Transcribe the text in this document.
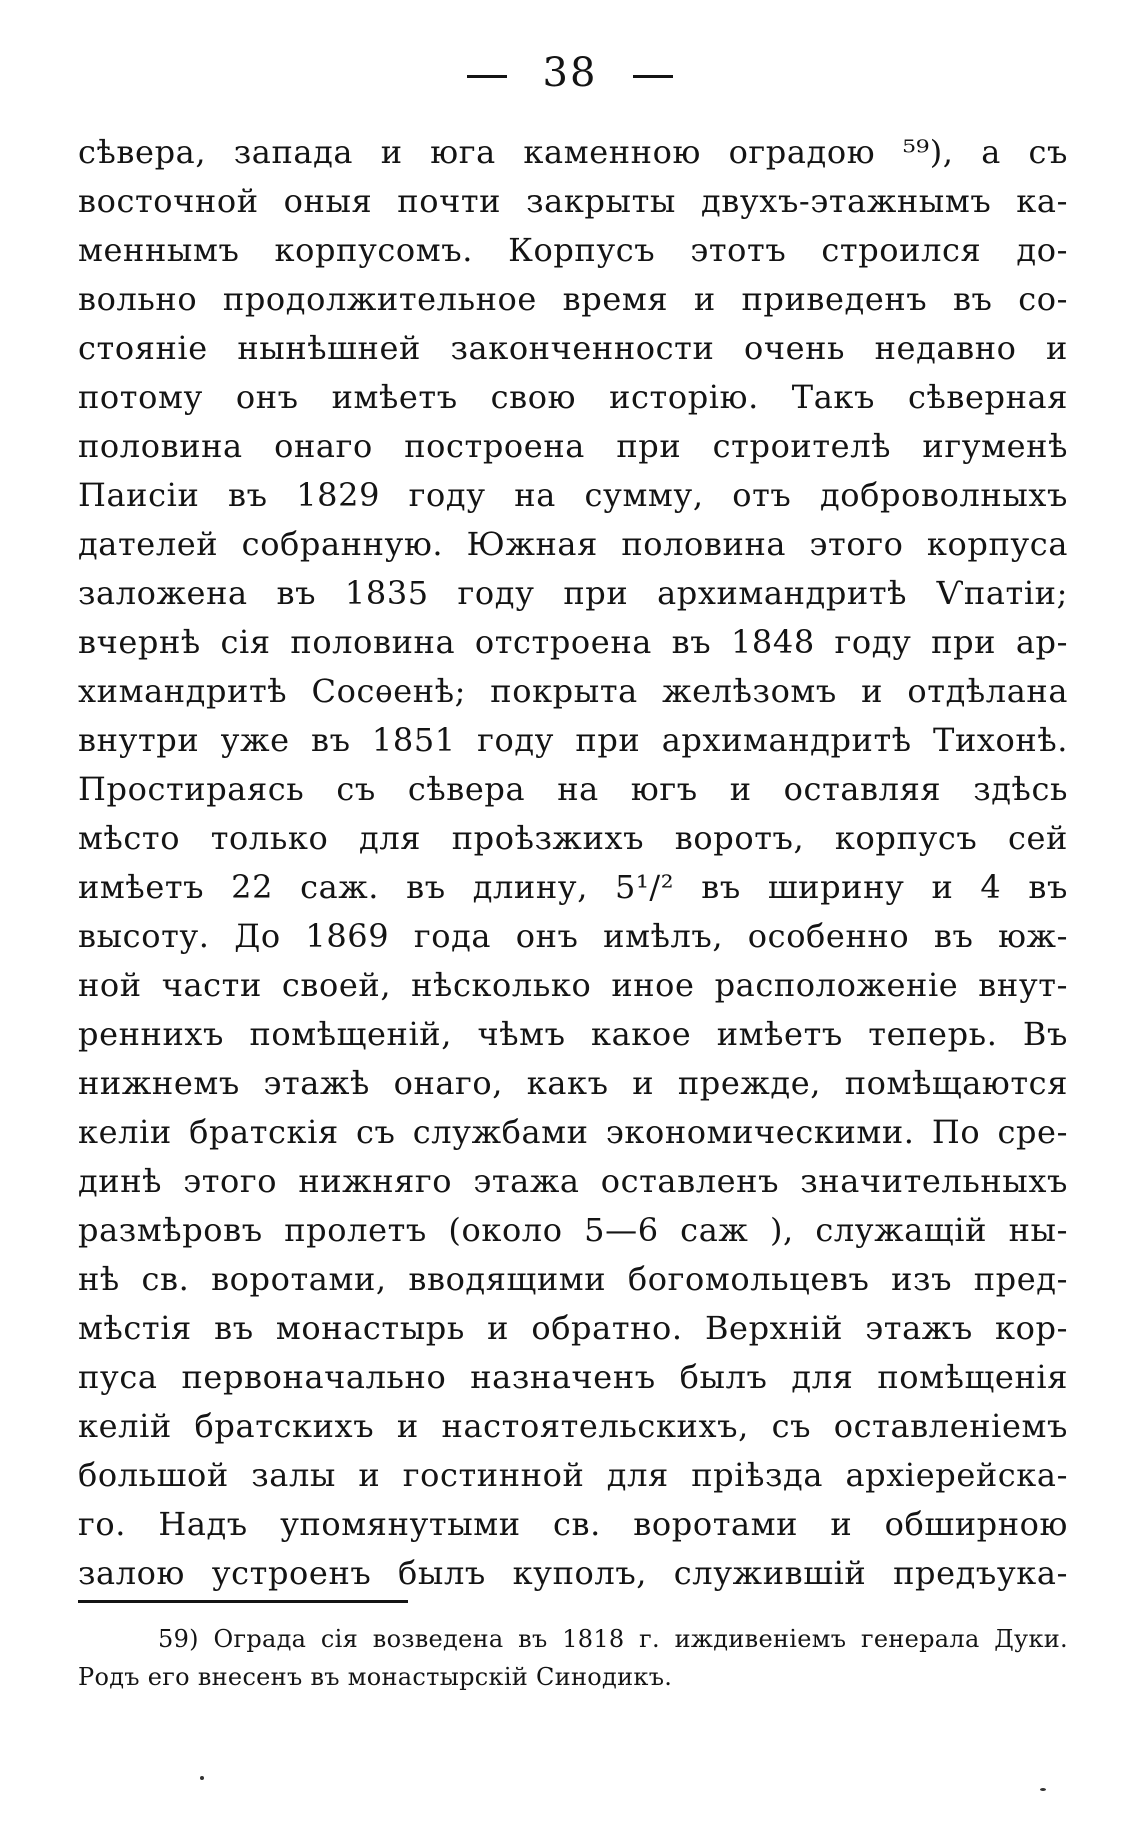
38
сѣвера, запада и юга каменною оградою ⁵⁹), а съ
восточной оныя почти закрыты двухъ-этажнымъ ка-
меннымъ корпусомъ. Корпусъ этотъ строился до-
вольно продолжительное время и приведенъ въ со-
стояніе нынѣшней законченности очень недавно и
потому онъ имѣетъ свою исторію. Такъ сѣверная
половина онаго построена при строителѣ игуменѣ
Паисіи въ 1829 году на сумму, отъ доброволныхъ
дателей собранную. Южная половина этого корпуса
заложена въ 1835 году при архимандритѣ Ѵпатіи;
вчернѣ сія половина отстроена въ 1848 году при ар-
химандритѣ Сосѳенѣ; покрыта желѣзомъ и отдѣлана
внутри уже въ 1851 году при архимандритѣ Тихонѣ.
Простираясь съ сѣвера на югъ и оставляя здѣсь
мѣсто только для проѣзжихъ воротъ, корпусъ сей
имѣетъ 22 саж. въ длину, 5¹/² въ ширину и 4 въ
высоту. До 1869 года онъ имѣлъ, особенно въ юж-
ной части своей, нѣсколько иное расположеніе внут-
реннихъ помѣщеній, чѣмъ какое имѣетъ теперь. Въ
нижнемъ этажѣ онаго, какъ и прежде, помѣщаются
келіи братскія съ службами экономическими. По сре-
динѣ этого нижняго этажа оставленъ значительныхъ
размѣровъ пролетъ (около 5—6 саж ), служащій ны-
нѣ св. воротами, вводящими богомольцевъ изъ пред-
мѣстія въ монастырь и обратно. Верхній этажъ кор-
пуса первоначально назначенъ былъ для помѣщенія
келій братскихъ и настоятельскихъ, съ оставленіемъ
большой залы и гостинной для пріѣзда архіерейска-
го. Надъ упомянутыми св. воротами и обширною
залою устроенъ былъ куполъ, служившій предъука-
59) Ограда сія возведена въ 1818 г. иждивеніемъ генерала Дуки.
Родъ его внесенъ въ монастырскій Синодикъ.
